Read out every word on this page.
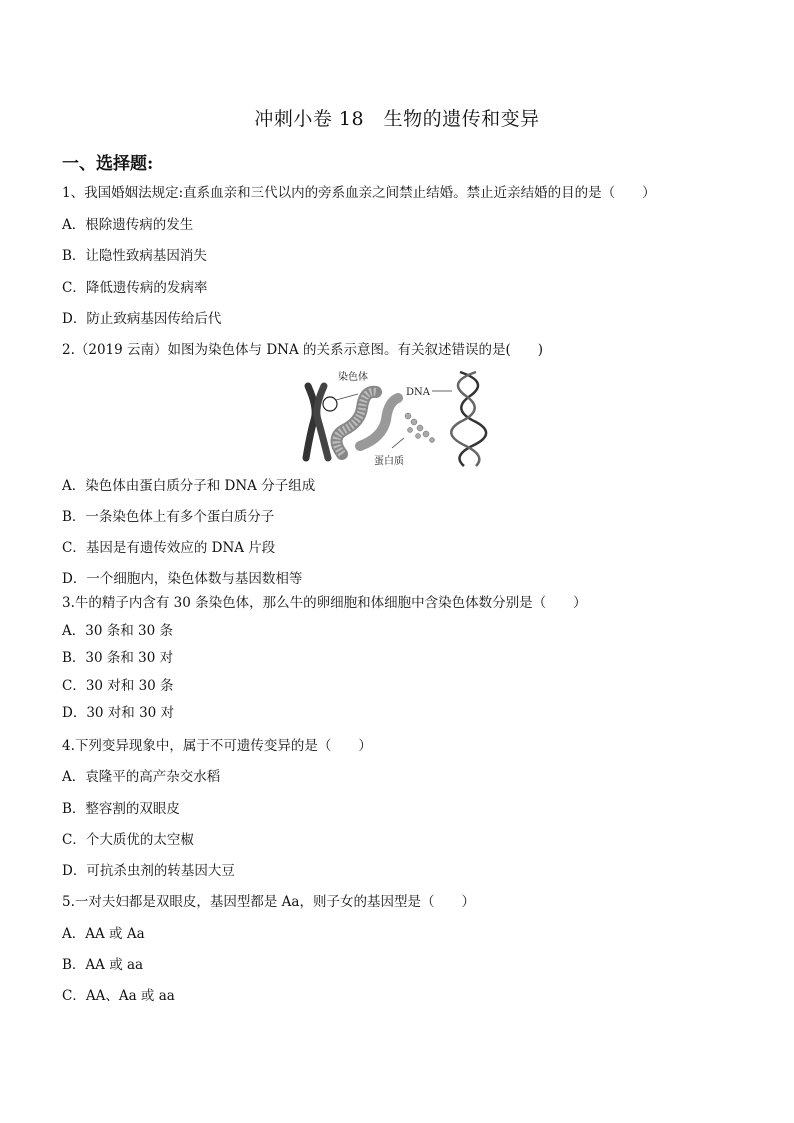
冲刺小卷 18　生物的遗传和变异
一、选择题:
1、我国婚姻法规定:直系血亲和三代以内的旁系血亲之间禁止结婚。禁止近亲结婚的目的是（　　）
A．根除遗传病的发生
B．让隐性致病基因消失
C．降低遗传病的发病率
D．防止致病基因传给后代
2.（2019 云南）如图为染色体与 DNA 的关系示意图。有关叙述错误的是(　　)
染色体
DNA
蛋白质
A．染色体由蛋白质分子和 DNA 分子组成
B．一条染色体上有多个蛋白质分子
C．基因是有遗传效应的 DNA 片段
D．一个细胞内，染色体数与基因数相等
3.牛的精子内含有 30 条染色体，那么牛的卵细胞和体细胞中含染色体数分别是（　　）
A．30 条和 30 条
B．30 条和 30 对
C．30 对和 30 条
D．30 对和 30 对
4.下列变异现象中，属于不可遗传变异的是（　　）
A．袁隆平的高产杂交水稻
B．整容割的双眼皮
C．个大质优的太空椒
D．可抗杀虫剂的转基因大豆
5.一对夫妇都是双眼皮，基因型都是 Aa，则子女的基因型是（　　）
A．AA 或 Aa
B．AA 或 aa
C．AA、Aa 或 aa
